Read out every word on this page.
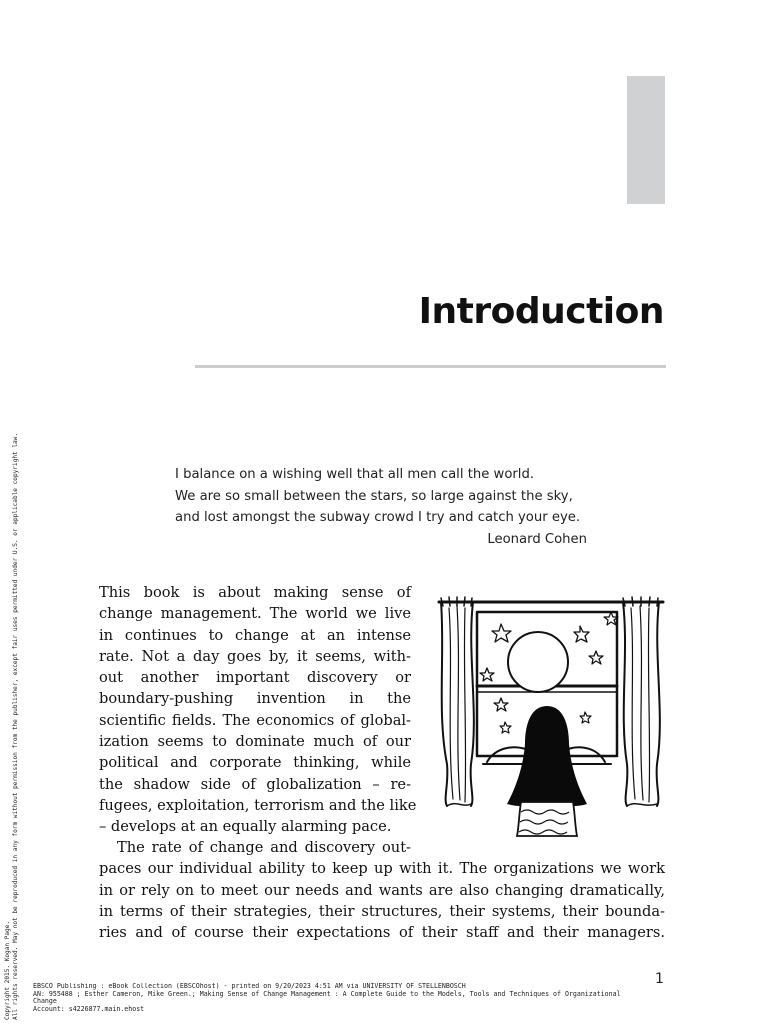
Introduction
I balance on a wishing well that all men call the world.
We are so small between the stars, so large against the sky,
and lost amongst the subway crowd I try and catch your eye.
Leonard Cohen
This book is about making sense of
change management. The world we live
in continues to change at an intense
rate. Not a day goes by, it seems, with-
out another important discovery or
boundary-pushing invention in the
scientific fields. The economics of global-
ization seems to dominate much of our
political and corporate thinking, while
the shadow side of globalization – re-
fugees, exploitation, terrorism and the like
– develops at an equally alarming pace.
The rate of change and discovery out-
paces our individual ability to keep up with it. The organizations we work
in or rely on to meet our needs and wants are also changing dramatically,
in terms of their strategies, their structures, their systems, their bounda-
ries and of course their expectations of their staff and their managers.
1
Copyright 2015. Kogan Page. All rights reserved. May not be reproduced in any form without permission from the publisher, except fair uses permitted under U.S. or applicable copyright law. EBSCO Publishing : eBook Collection (EBSCOhost) - printed on 9/20/2023 4:51 AM via UNIVERSITY OF STELLENBOSCH
AN: 955488 ; Esther Cameron, Mike Green.; Making Sense of Change Management : A Complete Guide to the Models, Tools and Techniques of Organizational
Change
Account: s4226877.main.ehost
